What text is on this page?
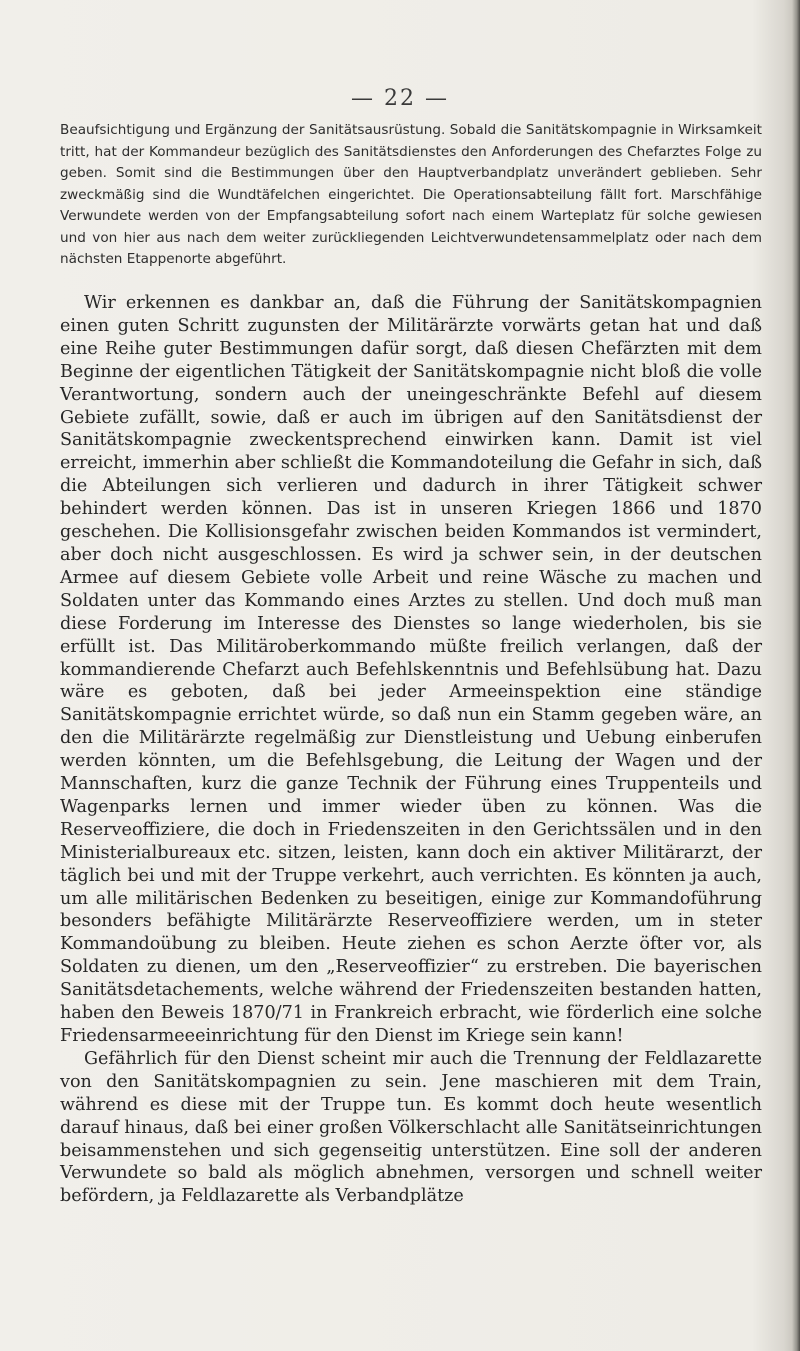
— 22 —

Beaufsichtigung und Ergänzung der Sanitätsausrüstung. Sobald die Sanitätskompagnie in Wirksamkeit tritt, hat der Kommandeur bezüglich des Sanitätsdienstes den Anforderungen des Chefarztes Folge zu geben. Somit sind die Bestimmungen über den Hauptverbandplatz unverändert geblieben. Sehr zweckmäßig sind die Wundtäfelchen eingerichtet. Die Operationsabteilung fällt fort. Marschfähige Verwundete werden von der Empfangsabteilung sofort nach einem Warteplatz für solche gewiesen und von hier aus nach dem weiter zurückliegenden Leichtverwundetensammelplatz oder nach dem nächsten Etappenorte abgeführt.

Wir erkennen es dankbar an, daß die Führung der Sanitätskompagnien einen guten Schritt zugunsten der Militärärzte vorwärts getan hat und daß eine Reihe guter Bestimmungen dafür sorgt, daß diesen Chefärzten mit dem Beginne der eigentlichen Tätigkeit der Sanitätskompagnie nicht bloß die volle Verantwortung, sondern auch der uneingeschränkte Befehl auf diesem Gebiete zufällt, sowie, daß er auch im übrigen auf den Sanitätsdienst der Sanitätskompagnie zweckentsprechend einwirken kann. Damit ist viel erreicht, immerhin aber schließt die Kommandoteilung die Gefahr in sich, daß die Abteilungen sich verlieren und dadurch in ihrer Tätigkeit schwer behindert werden können. Das ist in unseren Kriegen 1866 und 1870 geschehen. Die Kollisionsgefahr zwischen beiden Kommandos ist vermindert, aber doch nicht ausgeschlossen. Es wird ja schwer sein, in der deutschen Armee auf diesem Gebiete volle Arbeit und reine Wäsche zu machen und Soldaten unter das Kommando eines Arztes zu stellen. Und doch muß man diese Forderung im Interesse des Dienstes so lange wiederholen, bis sie erfüllt ist. Das Militäroberkommando müßte freilich verlangen, daß der kommandierende Chefarzt auch Befehlskenntnis und Befehlsübung hat. Dazu wäre es geboten, daß bei jeder Armeeinspektion eine ständige Sanitätskompagnie errichtet würde, so daß nun ein Stamm gegeben wäre, an den die Militärärzte regelmäßig zur Dienstleistung und Uebung einberufen werden könnten, um die Befehlsgebung, die Leitung der Wagen und der Mannschaften, kurz die ganze Technik der Führung eines Truppenteils und Wagenparks lernen und immer wieder üben zu können. Was die Reserveoffiziere, die doch in Friedenszeiten in den Gerichtssälen und in den Ministerialbureaux etc. sitzen, leisten, kann doch ein aktiver Militärarzt, der täglich bei und mit der Truppe verkehrt, auch verrichten. Es könnten ja auch, um alle militärischen Bedenken zu beseitigen, einige zur Kommandoführung besonders befähigte Militärärzte Reserveoffiziere werden, um in steter Kommandoübung zu bleiben. Heute ziehen es schon Aerzte öfter vor, als Soldaten zu dienen, um den „Reserveoffizier“ zu erstreben. Die bayerischen Sanitätsdetachements, welche während der Friedenszeiten bestanden hatten, haben den Beweis 1870/71 in Frankreich erbracht, wie förderlich eine solche Friedensarmeeeinrichtung für den Dienst im Kriege sein kann!

Gefährlich für den Dienst scheint mir auch die Trennung der Feldlazarette von den Sanitätskompagnien zu sein. Jene maschieren mit dem Train, während es diese mit der Truppe tun. Es kommt doch heute wesentlich darauf hinaus, daß bei einer großen Völkerschlacht alle Sanitätseinrichtungen beisammenstehen und sich gegenseitig unterstützen. Eine soll der anderen Verwundete so bald als möglich abnehmen, versorgen und schnell weiter befördern, ja Feldlazarette als Verbandplätze
